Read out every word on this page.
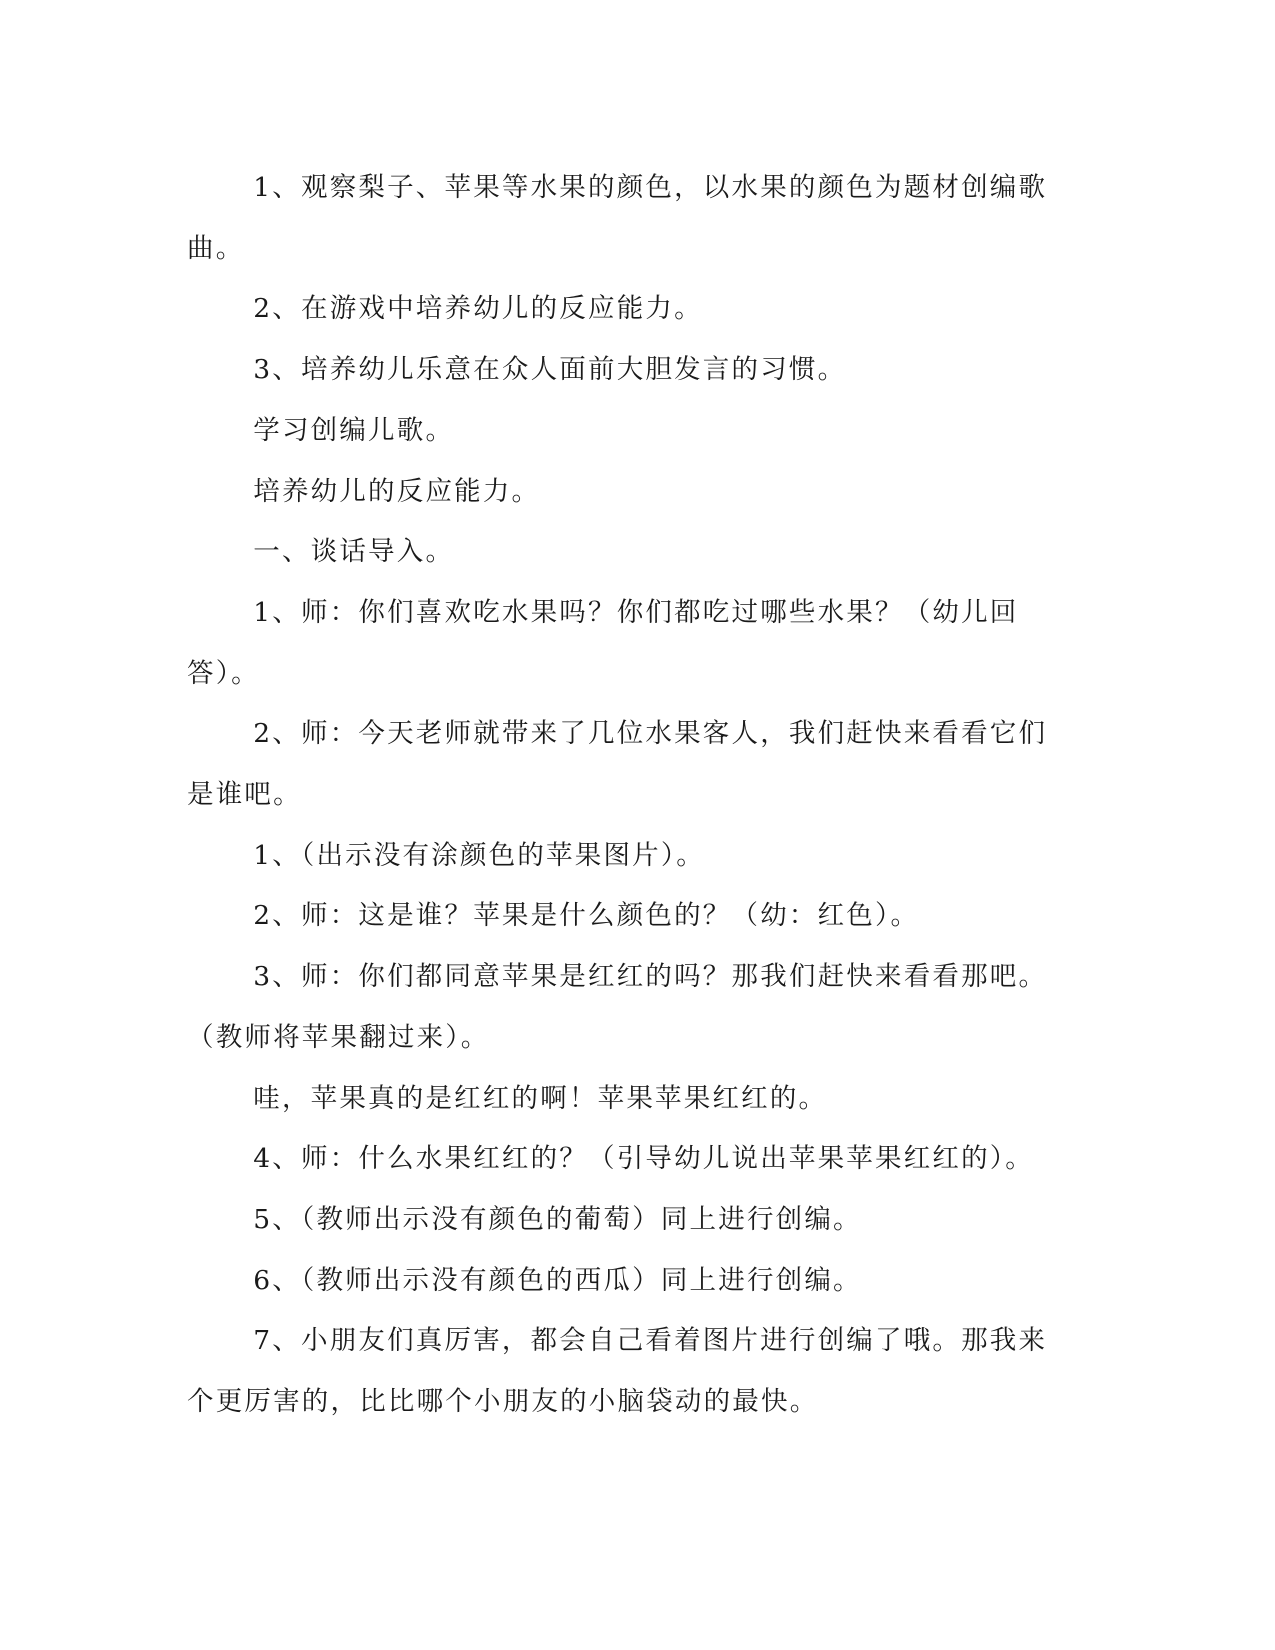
1、观察梨子、苹果等水果的颜色，以水果的颜色为题材创编歌曲。

2、在游戏中培养幼儿的反应能力。

3、培养幼儿乐意在众人面前大胆发言的习惯。

学习创编儿歌。

培养幼儿的反应能力。

一、谈话导入。

1、师：你们喜欢吃水果吗？你们都吃过哪些水果？（幼儿回答）。

2、师：今天老师就带来了几位水果客人，我们赶快来看看它们是谁吧。

1、（出示没有涂颜色的苹果图片）。

2、师：这是谁？苹果是什么颜色的？（幼：红色）。

3、师：你们都同意苹果是红红的吗？那我们赶快来看看那吧。

（教师将苹果翻过来）。

哇，苹果真的是红红的啊！苹果苹果红红的。

4、师：什么水果红红的？（引导幼儿说出苹果苹果红红的）。

5、（教师出示没有颜色的葡萄）同上进行创编。

6、（教师出示没有颜色的西瓜）同上进行创编。

7、小朋友们真厉害，都会自己看着图片进行创编了哦。那我来个更厉害的，比比哪个小朋友的小脑袋动的最快。
